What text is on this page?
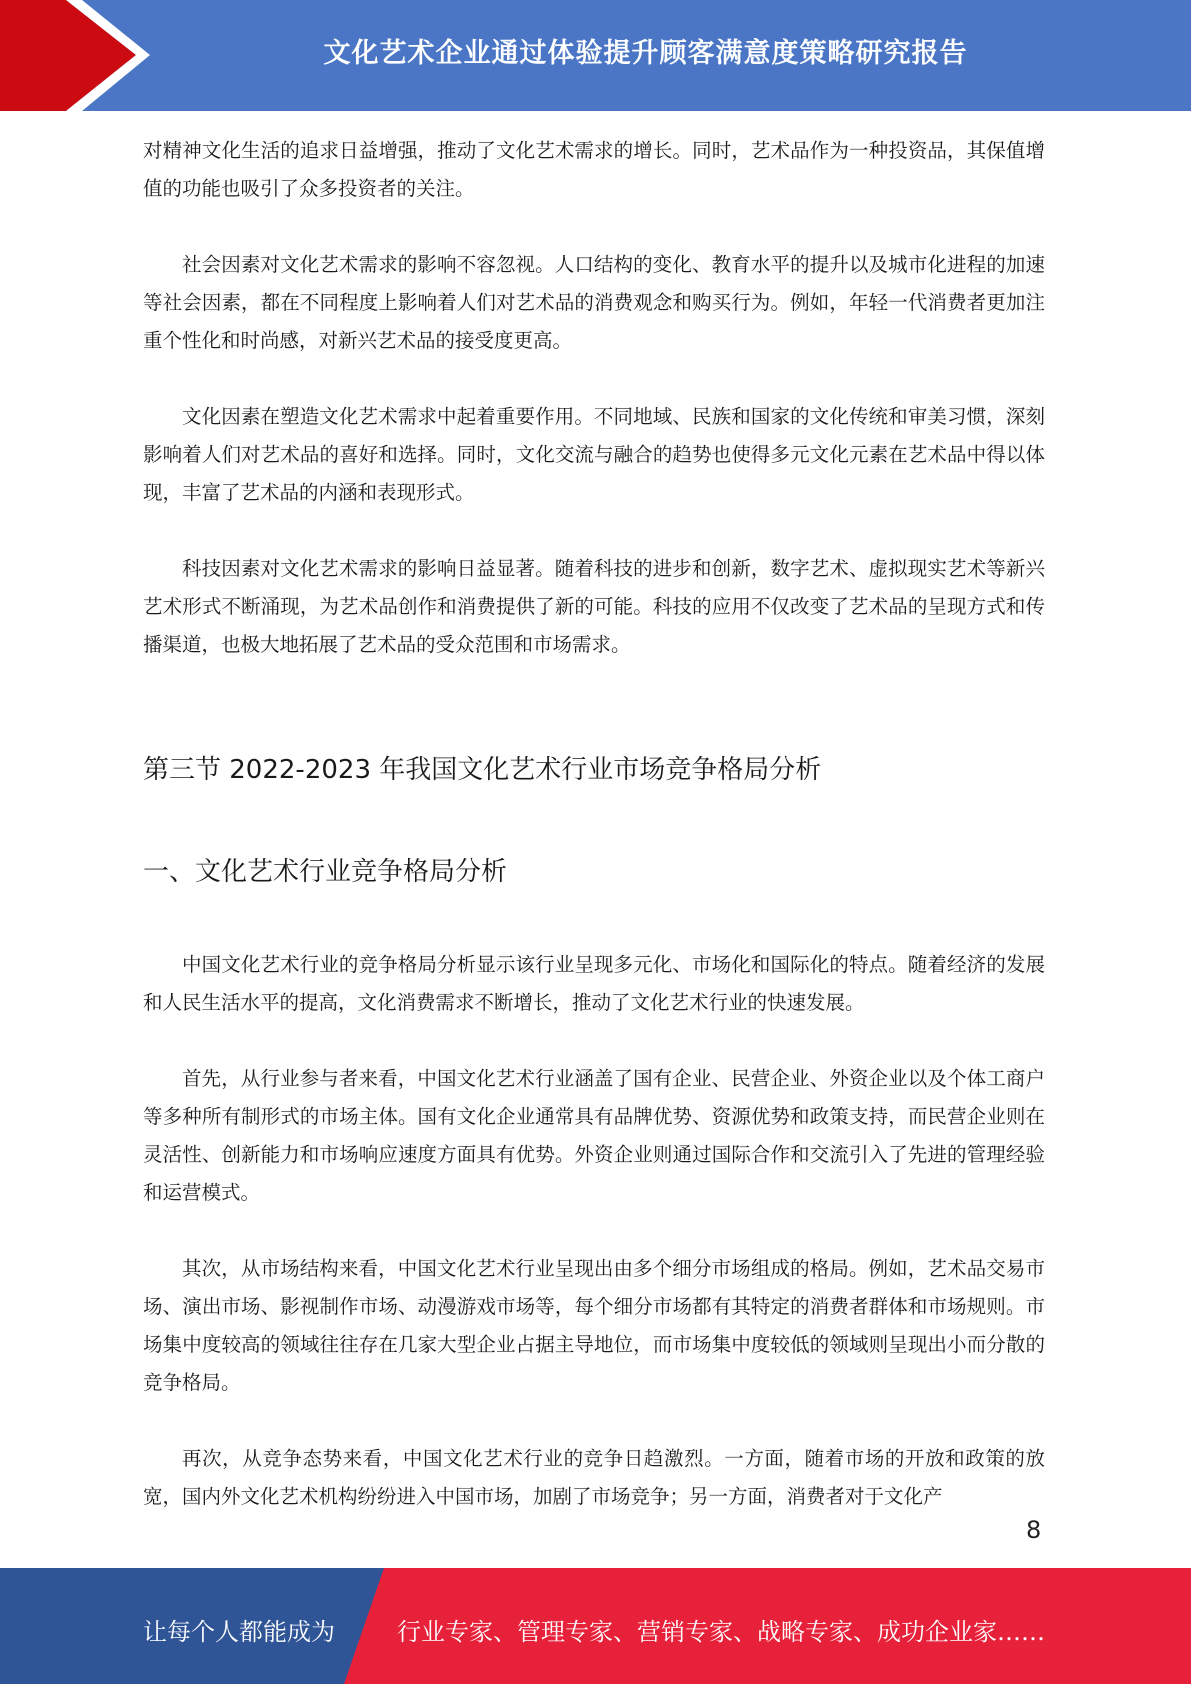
文化艺术企业通过体验提升顾客满意度策略研究报告

对精神文化生活的追求日益增强，推动了文化艺术需求的增长。同时，艺术品作为一种投资品，其保值增值的功能也吸引了众多投资者的关注。

社会因素对文化艺术需求的影响不容忽视。人口结构的变化、教育水平的提升以及城市化进程的加速等社会因素，都在不同程度上影响着人们对艺术品的消费观念和购买行为。例如，年轻一代消费者更加注重个性化和时尚感，对新兴艺术品的接受度更高。

文化因素在塑造文化艺术需求中起着重要作用。不同地域、民族和国家的文化传统和审美习惯，深刻影响着人们对艺术品的喜好和选择。同时，文化交流与融合的趋势也使得多元文化元素在艺术品中得以体现，丰富了艺术品的内涵和表现形式。

科技因素对文化艺术需求的影响日益显著。随着科技的进步和创新，数字艺术、虚拟现实艺术等新兴艺术形式不断涌现，为艺术品创作和消费提供了新的可能。科技的应用不仅改变了艺术品的呈现方式和传播渠道，也极大地拓展了艺术品的受众范围和市场需求。

第三节 2022-2023 年我国文化艺术行业市场竞争格局分析
一、文化艺术行业竞争格局分析

中国文化艺术行业的竞争格局分析显示该行业呈现多元化、市场化和国际化的特点。随着经济的发展和人民生活水平的提高，文化消费需求不断增长，推动了文化艺术行业的快速发展。

首先，从行业参与者来看，中国文化艺术行业涵盖了国有企业、民营企业、外资企业以及个体工商户等多种所有制形式的市场主体。国有文化企业通常具有品牌优势、资源优势和政策支持，而民营企业则在灵活性、创新能力和市场响应速度方面具有优势。外资企业则通过国际合作和交流引入了先进的管理经验和运营模式。

其次，从市场结构来看，中国文化艺术行业呈现出由多个细分市场组成的格局。例如，艺术品交易市场、演出市场、影视制作市场、动漫游戏市场等，每个细分市场都有其特定的消费者群体和市场规则。市场集中度较高的领域往往存在几家大型企业占据主导地位，而市场集中度较低的领域则呈现出小而分散的竞争格局。

再次，从竞争态势来看，中国文化艺术行业的竞争日趋激烈。一方面，随着市场的开放和政策的放宽，国内外文化艺术机构纷纷进入中国市场，加剧了市场竞争；另一方面，消费者对于文化产

8
让每个人都能成为	行业专家、管理专家、营销专家、战略专家、成功企业家……
